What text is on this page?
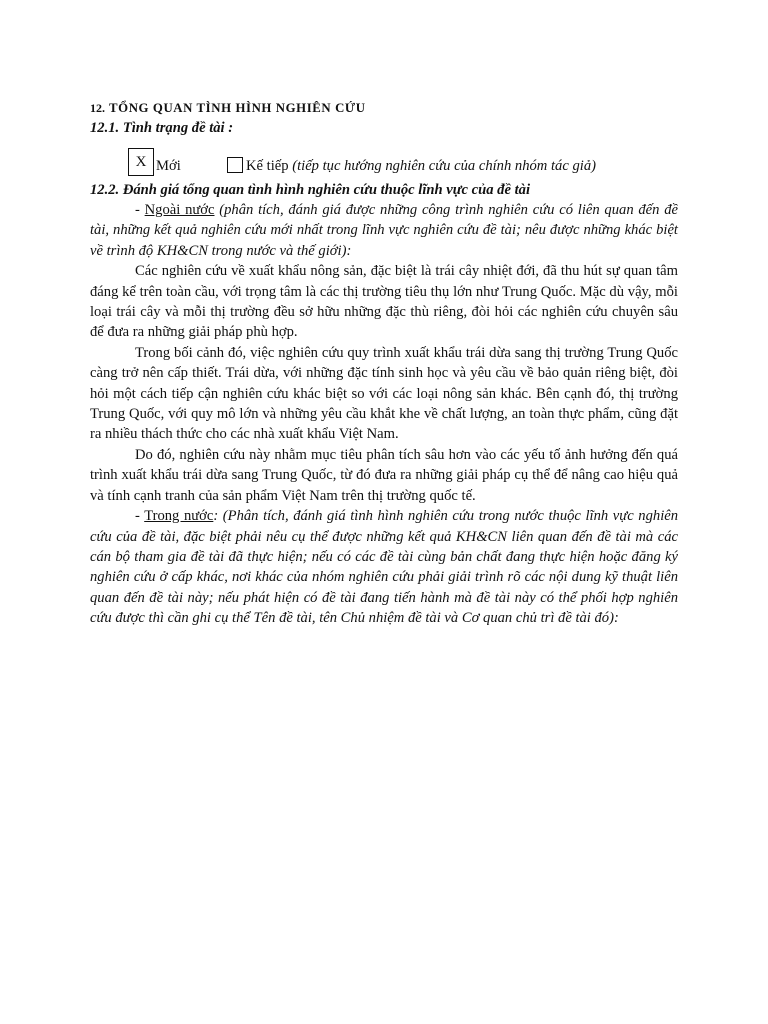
12. TỔNG QUAN TÌNH HÌNH NGHIÊN CỨU
12.1. Tình trạng đề tài :
X Mới	Kế tiếp (tiếp tục hướng nghiên cứu của chính nhóm tác giả)
12.2. Đánh giá tổng quan tình hình nghiên cứu thuộc lĩnh vực của đề tài

- Ngoài nước (phân tích, đánh giá được những công trình nghiên cứu có liên quan đến đề tài, những kết quả nghiên cứu mới nhất trong lĩnh vực nghiên cứu đề tài; nêu được những khác biệt về trình độ KH&CN trong nước và thế giới):

Các nghiên cứu về xuất khẩu nông sản, đặc biệt là trái cây nhiệt đới, đã thu hút sự quan tâm đáng kể trên toàn cầu, với trọng tâm là các thị trường tiêu thụ lớn như Trung Quốc. Mặc dù vậy, mỗi loại trái cây và mỗi thị trường đều sở hữu những đặc thù riêng, đòi hỏi các nghiên cứu chuyên sâu để đưa ra những giải pháp phù hợp.

Trong bối cảnh đó, việc nghiên cứu quy trình xuất khẩu trái dừa sang thị trường Trung Quốc càng trở nên cấp thiết. Trái dừa, với những đặc tính sinh học và yêu cầu về bảo quản riêng biệt, đòi hỏi một cách tiếp cận nghiên cứu khác biệt so với các loại nông sản khác. Bên cạnh đó, thị trường Trung Quốc, với quy mô lớn và những yêu cầu khắt khe về chất lượng, an toàn thực phẩm, cũng đặt ra nhiều thách thức cho các nhà xuất khẩu Việt Nam.

Do đó, nghiên cứu này nhằm mục tiêu phân tích sâu hơn vào các yếu tố ảnh hưởng đến quá trình xuất khẩu trái dừa sang Trung Quốc, từ đó đưa ra những giải pháp cụ thể để nâng cao hiệu quả và tính cạnh tranh của sản phẩm Việt Nam trên thị trường quốc tế.

- Trong nước: (Phân tích, đánh giá tình hình nghiên cứu trong nước thuộc lĩnh vực nghiên cứu của đề tài, đặc biệt phải nêu cụ thể được những kết quả KH&CN liên quan đến đề tài mà các cán bộ tham gia đề tài đã thực hiện; nếu có các đề tài cùng bản chất đang thực hiện hoặc đăng ký nghiên cứu ở cấp khác, nơi khác của nhóm nghiên cứu phải giải trình rõ các nội dung kỹ thuật liên quan đến đề tài này; nếu phát hiện có đề tài đang tiến hành mà đề tài này có thể phối hợp nghiên cứu được thì cần ghi cụ thể Tên đề tài, tên Chủ nhiệm đề tài và Cơ quan chủ trì đề tài đó):
